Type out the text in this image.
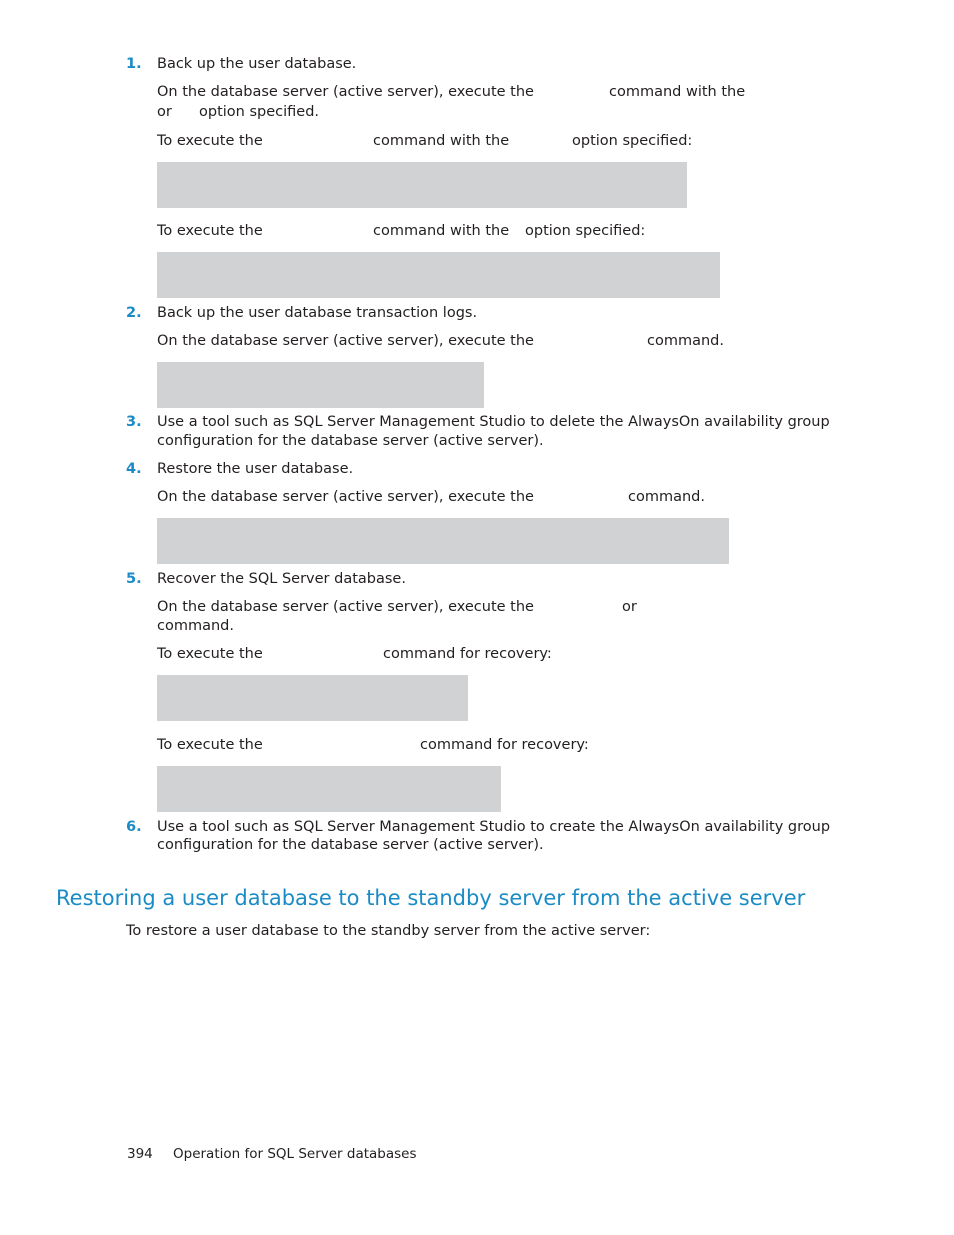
1. Back up the user database.
On the database server (active server), execute the	command with the
or option specified.
To execute the	command with the	option specified:
To execute the	command with the option specified:
2. Back up the user database transaction logs.
On the database server (active server), execute the	command.
3. Use a tool such as SQL Server Management Studio to delete the AlwaysOn availability group
configuration for the database server (active server).
4. Restore the user database.
On the database server (active server), execute the	command.
5. Recover the SQL Server database.
On the database server (active server), execute the	or
command.
To execute the	command for recovery:
To execute the	command for recovery:
6. Use a tool such as SQL Server Management Studio to create the AlwaysOn availability group
configuration for the database server (active server).
Restoring a user database to the standby server from the active server
To restore a user database to the standby server from the active server:
394 Operation for SQL Server databases
